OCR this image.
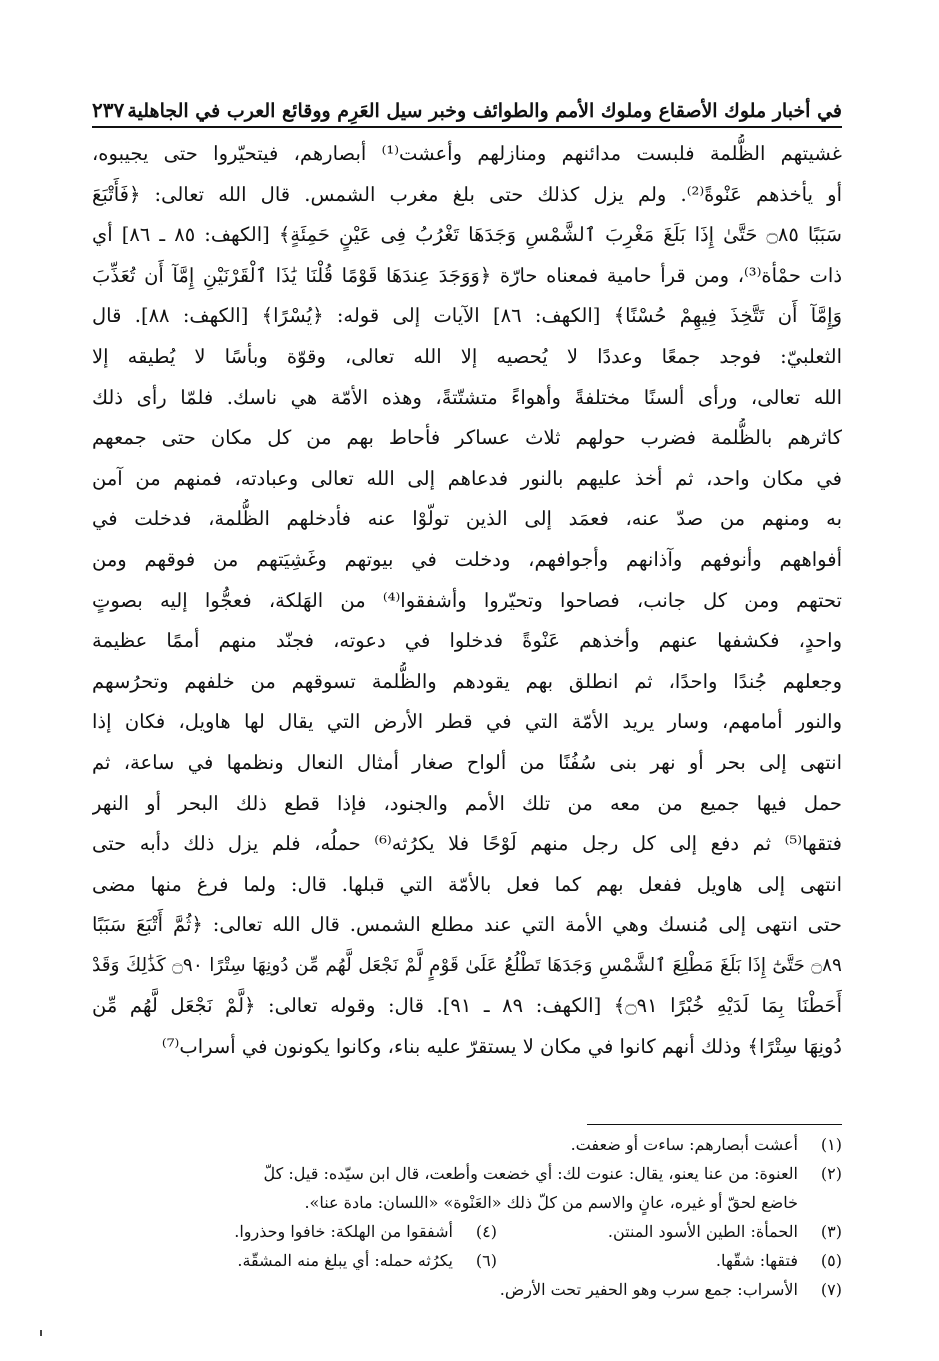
في أخبار ملوك الأصقاع وملوك الأمم والطوائف وخبر سيل العَرِم ووقائع العرب في الجاهلية
٢٣٧
غشيتهم الظُّلمة فلبست مدائنهم ومنازلهم وأعشت⁽¹⁾ أبصارهم، فيتحيّروا حتى يجيبوه،
أو يأخذهم عَنْوةً⁽²⁾. ولم يزل كذلك حتى بلغ مغرب الشمس. قال الله تعالى: ﴿فَأَتْبَعَ
سَبَبًا ۝٨٥ حَتَّىٰ إِذَا بَلَغَ مَغْرِبَ ٱلشَّمْسِ وَجَدَهَا تَغْرُبُ فِى عَيْنٍ حَمِئَةٍ﴾ [الكهف: ٨٥ ـ ٨٦] أي
ذات حمْأة⁽³⁾، ومن قرأ حامية فمعناه حارّة ﴿وَوَجَدَ عِندَهَا قَوْمًا قُلْنَا يَٰذَا ٱلْقَرْنَيْنِ إِمَّآ أَن تُعَذِّبَ
وَإِمَّآ أَن تَتَّخِذَ فِيهِمْ حُسْنًا﴾ [الكهف: ٨٦] الآيات إلى قوله: ﴿يُسْرًا﴾ [الكهف: ٨٨]. قال
الثعلبيّ: فوجد جمعًا وعددًا لا يُحصيه إلا الله تعالى، وقوّة وبأسًا لا يُطيقه إلا
الله تعالى، ورأى ألسنًا مختلفةً وأهواءً متشتّتةً، وهذه الأمّة هي ناسك. فلمّا رأى ذلك
كاثرهم بالظُّلمة فضرب حولهم ثلاث عساكر فأحاط بهم من كل مكان حتى جمعهم
في مكان واحد، ثم أخذ عليهم بالنور فدعاهم إلى الله تعالى وعبادته، فمنهم من آمن
به ومنهم من صدّ عنه، فعمَد إلى الذين تولّوْا عنه فأدخلهم الظُّلمة، فدخلت في
أفواههم وأنوفهم وآذانهم وأجوافهم، ودخلت في بيوتهم وغَشِيَتهم من فوقهم ومن
تحتهم ومن كل جانب، فصاحوا وتحيّروا وأشفقوا⁽⁴⁾ من الهَلكة، فعجُّوا إليه بصوتٍ
واحدٍ، فكشفها عنهم وأخذهم عَنْوةً فدخلوا في دعوته، فجنّد منهم أممًا عظيمة
وجعلهم جُندًا واحدًا، ثم انطلق بهم يقودهم والظُّلمة تسوقهم من خلفهم وتحرُسهم
والنور أمامهم، وسار يريد الأمّة التي في قطر الأرض التي يقال لها هاويل، فكان إذا
انتهى إلى بحر أو نهر بنى سُفُنًا من ألواح صغار أمثال النعال ونظمها في ساعة، ثم
حمل فيها جميع من معه من تلك الأمم والجنود، فإذا قطع ذلك البحر أو النهر
فتقها⁽⁵⁾ ثم دفع إلى كل رجل منهم لَوْحًا فلا يكرُثه⁽⁶⁾ حملُه، فلم يزل ذلك دأبه حتى
انتهى إلى هاويل ففعل بهم كما فعل بالأمّة التي قبلها. قال: ولما فرغ منها مضى
حتى انتهى إلى مُنسك وهي الأمة التي عند مطلع الشمس. قال الله تعالى: ﴿ثُمَّ أَتْبَعَ سَبَبًا
۝٨٩ حَتَّىٰٓ إِذَا بَلَغَ مَطْلِعَ ٱلشَّمْسِ وَجَدَهَا تَطْلُعُ عَلَىٰ قَوْمٍ لَّمْ نَجْعَل لَّهُم مِّن دُونِهَا سِتْرًا ۝٩٠ كَذَٰلِكَ وَقَدْ
أَحَطْنَا بِمَا لَدَيْهِ خُبْرًا ۝٩١﴾ [الكهف: ٨٩ ـ ٩١]. قال: وقوله تعالى: ﴿لَّمْ نَجْعَل لَّهُم مِّن
دُونِهَا سِتْرًا﴾ وذلك أنهم كانوا في مكان لا يستقرّ عليه بناء، وكانوا يكونون في أسراب⁽⁷⁾
(١)
أعشت أبصارهم: ساءت أو ضعفت.
(٢)
العنوة: من عنا يعنو، يقال: عنوت لك: أي خضعت وأطعت، قال ابن سيّده: قيل: كلّ
خاضع لحقّ أو غيره، عانٍ والاسم من كلّ ذلك «العَنْوة» «اللسان: مادة عنا».
(٣)
الحمأة: الطين الأسود المنتن.
(٤)
أشفقوا من الهلكة: خافوا وحذروا.
(٥)
فتقها: شقّها.
(٦)
يكرُثه حمله: أي يبلغ منه المشقّة.
(٧)
الأسراب: جمع سرب وهو الحفير تحت الأرض.
